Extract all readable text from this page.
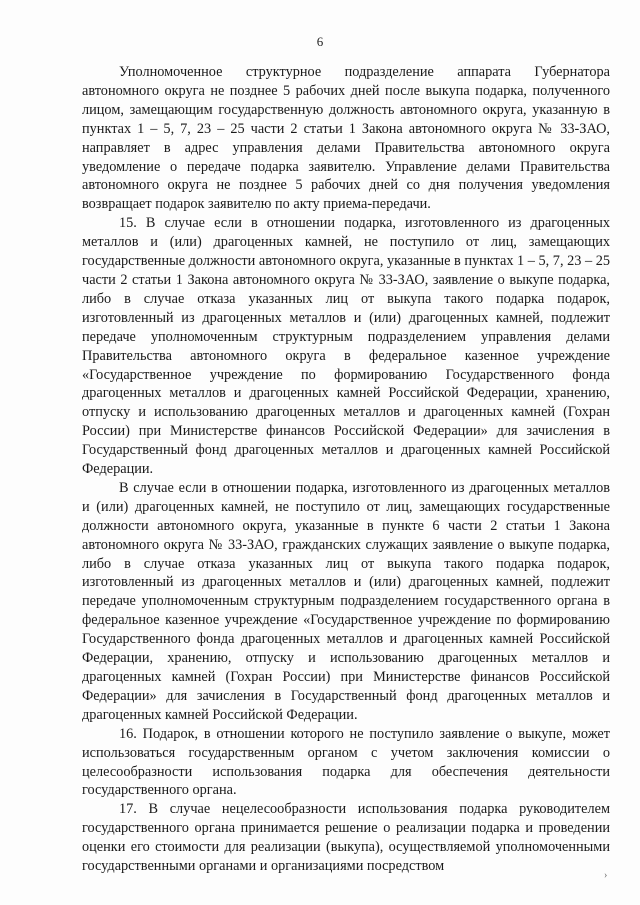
6

Уполномоченное структурное подразделение аппарата Губернатора автономного округа не позднее 5 рабочих дней после выкупа подарка, полученного лицом, замещающим государственную должность автономного округа, указанную в пунктах 1 – 5, 7, 23 – 25 части 2 статьи 1 Закона автономного округа № 33-ЗАО, направляет в адрес управления делами Правительства автономного округа уведомление о передаче подарка заявителю. Управление делами Правительства автономного округа не позднее 5 рабочих дней со дня получения уведомления возвращает подарок заявителю по акту приема-передачи.

15. В случае если в отношении подарка, изготовленного из драгоценных металлов и (или) драгоценных камней, не поступило от лиц, замещающих государственные должности автономного округа, указанные в пунктах 1 – 5, 7, 23 – 25 части 2 статьи 1 Закона автономного округа № 33-ЗАО, заявление о выкупе подарка, либо в случае отказа указанных лиц от выкупа такого подарка подарок, изготовленный из драгоценных металлов и (или) драгоценных камней, подлежит передаче уполномоченным структурным подразделением управления делами Правительства автономного округа в федеральное казенное учреждение «Государственное учреждение по формированию Государственного фонда драгоценных металлов и драгоценных камней Российской Федерации, хранению, отпуску и использованию драгоценных металлов и драгоценных камней (Гохран России) при Министерстве финансов Российской Федерации» для зачисления в Государственный фонд драгоценных металлов и драгоценных камней Российской Федерации.

В случае если в отношении подарка, изготовленного из драгоценных металлов и (или) драгоценных камней, не поступило от лиц, замещающих государственные должности автономного округа, указанные в пункте 6 части 2 статьи 1 Закона автономного округа № 33-ЗАО, гражданских служащих заявление о выкупе подарка, либо в случае отказа указанных лиц от выкупа такого подарка подарок, изготовленный из драгоценных металлов и (или) драгоценных камней, подлежит передаче уполномоченным структурным подразделением государственного органа в федеральное казенное учреждение «Государственное учреждение по формированию Государственного фонда драгоценных металлов и драгоценных камней Российской Федерации, хранению, отпуску и использованию драгоценных металлов и драгоценных камней (Гохран России) при Министерстве финансов Российской Федерации» для зачисления в Государственный фонд драгоценных металлов и драгоценных камней Российской Федерации.

16. Подарок, в отношении которого не поступило заявление о выкупе, может использоваться государственным органом с учетом заключения комиссии о целесообразности использования подарка для обеспечения деятельности государственного органа.

17. В случае нецелесообразности использования подарка руководителем государственного органа принимается решение о реализации подарка и проведении оценки его стоимости для реализации (выкупа), осуществляемой уполномоченными государственными органами и организациями посредством

›
